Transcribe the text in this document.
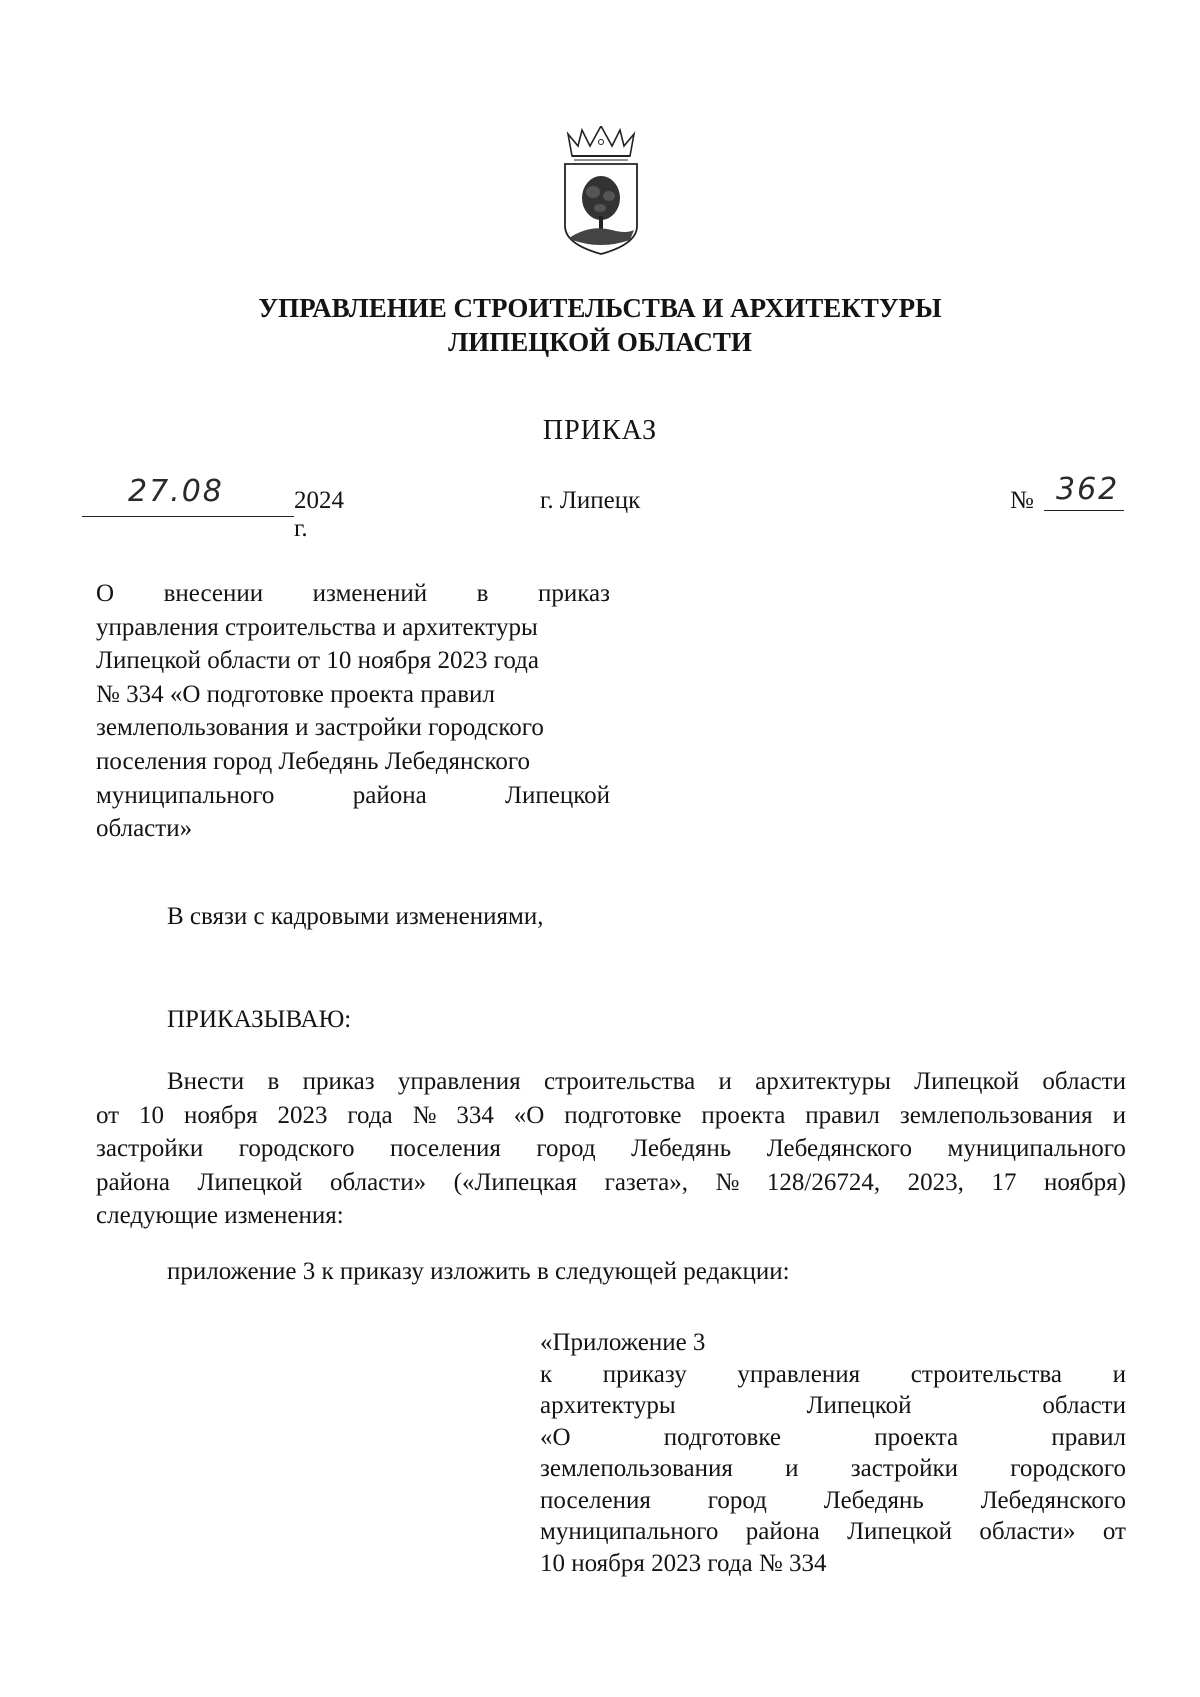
УПРАВЛЕНИЕ СТРОИТЕЛЬСТВА И АРХИТЕКТУРЫ
ЛИПЕЦКОЙ ОБЛАСТИ
ПРИКАЗ
27.08	2024 г.
г. Липецк	№ 362
О внесении изменений в приказ
управления строительства и архитектуры
Липецкой области от 10 ноября 2023 года
№ 334 «О подготовке проекта правил
землепользования и застройки городского
поселения город Лебедянь Лебедянского
муниципального	района	Липецкой
области»
В связи с кадровыми изменениями,
ПРИКАЗЫВАЮ:
Внести в приказ управления строительства и архитектуры Липецкой области
от 10 ноября 2023 года № 334 «О подготовке проекта правил землепользования и
застройки городского поселения город Лебедянь Лебедянского муниципального
района Липецкой области» («Липецкая газета», № 128/26724, 2023, 17 ноября)
следующие изменения:
приложение 3 к приказу изложить в следующей редакции:
«Приложение 3
к приказу управления строительства и
архитектуры	Липецкой	области
«О	подготовке	проекта	правил
землепользования и застройки городского
поселения город Лебедянь Лебедянского
муниципального района Липецкой области» от
10 ноября 2023 года № 334
